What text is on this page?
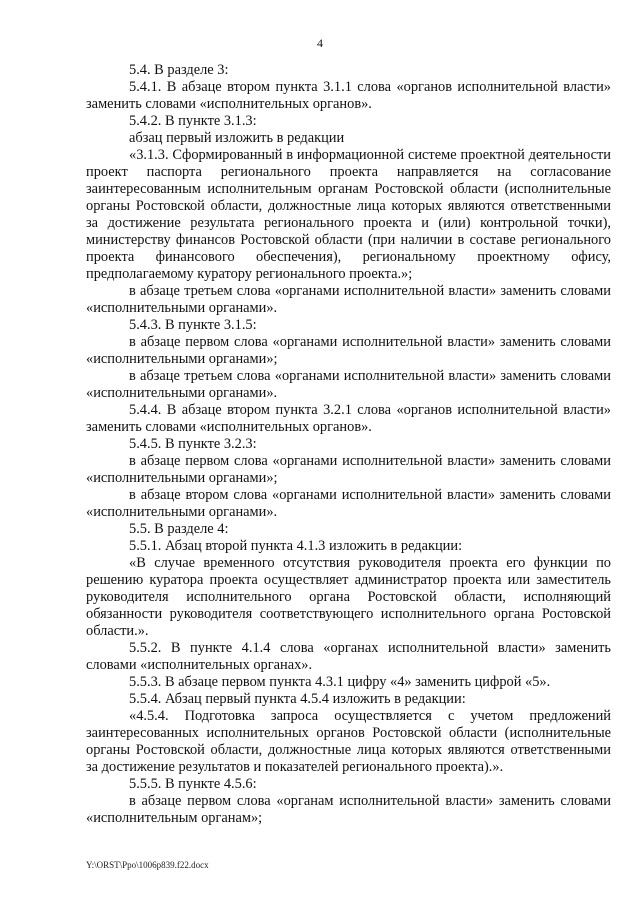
4

5.4. В разделе 3:

5.4.1. В абзаце втором пункта 3.1.1 слова «органов исполнительной власти» заменить словами «исполнительных органов».

5.4.2. В пункте 3.1.3:

абзац первый изложить в редакции

«3.1.3. Сформированный в информационной системе проектной деятельности проект паспорта регионального проекта направляется на согласование заинтересованным исполнительным органам Ростовской области (исполнительные органы Ростовской области, должностные лица которых являются ответственными за достижение результата регионального проекта и (или) контрольной точки), министерству финансов Ростовской области (при наличии в составе регионального проекта финансового обеспечения), региональному проектному офису, предполагаемому куратору регионального проекта.»;

в абзаце третьем слова «органами исполнительной власти» заменить словами «исполнительными органами».

5.4.3. В пункте 3.1.5:

в абзаце первом слова «органами исполнительной власти» заменить словами «исполнительными органами»;

в абзаце третьем слова «органами исполнительной власти» заменить словами «исполнительными органами».

5.4.4. В абзаце втором пункта 3.2.1 слова «органов исполнительной власти» заменить словами «исполнительных органов».

5.4.5. В пункте 3.2.3:

в абзаце первом слова «органами исполнительной власти» заменить словами «исполнительными органами»;

в абзаце втором слова «органами исполнительной власти» заменить словами «исполнительными органами».

5.5. В разделе 4:

5.5.1. Абзац второй пункта 4.1.3 изложить в редакции:

«В случае временного отсутствия руководителя проекта его функции по решению куратора проекта осуществляет администратор проекта или заместитель руководителя исполнительного органа Ростовской области, исполняющий обязанности руководителя соответствующего исполнительного органа Ростовской области.».

5.5.2. В пункте 4.1.4 слова «органах исполнительной власти» заменить словами «исполнительных органах».

5.5.3. В абзаце первом пункта 4.3.1 цифру «4» заменить цифрой «5».

5.5.4. Абзац первый пункта 4.5.4 изложить в редакции:

«4.5.4. Подготовка запроса осуществляется с учетом предложений заинтересованных исполнительных органов Ростовской области (исполнительные органы Ростовской области, должностные лица которых являются ответственными за достижение результатов и показателей регионального проекта).».

5.5.5. В пункте 4.5.6:

в абзаце первом слова «органам исполнительной власти» заменить словами «исполнительным органам»;

Y:\ORST\Ppo\1006p839.f22.docx
